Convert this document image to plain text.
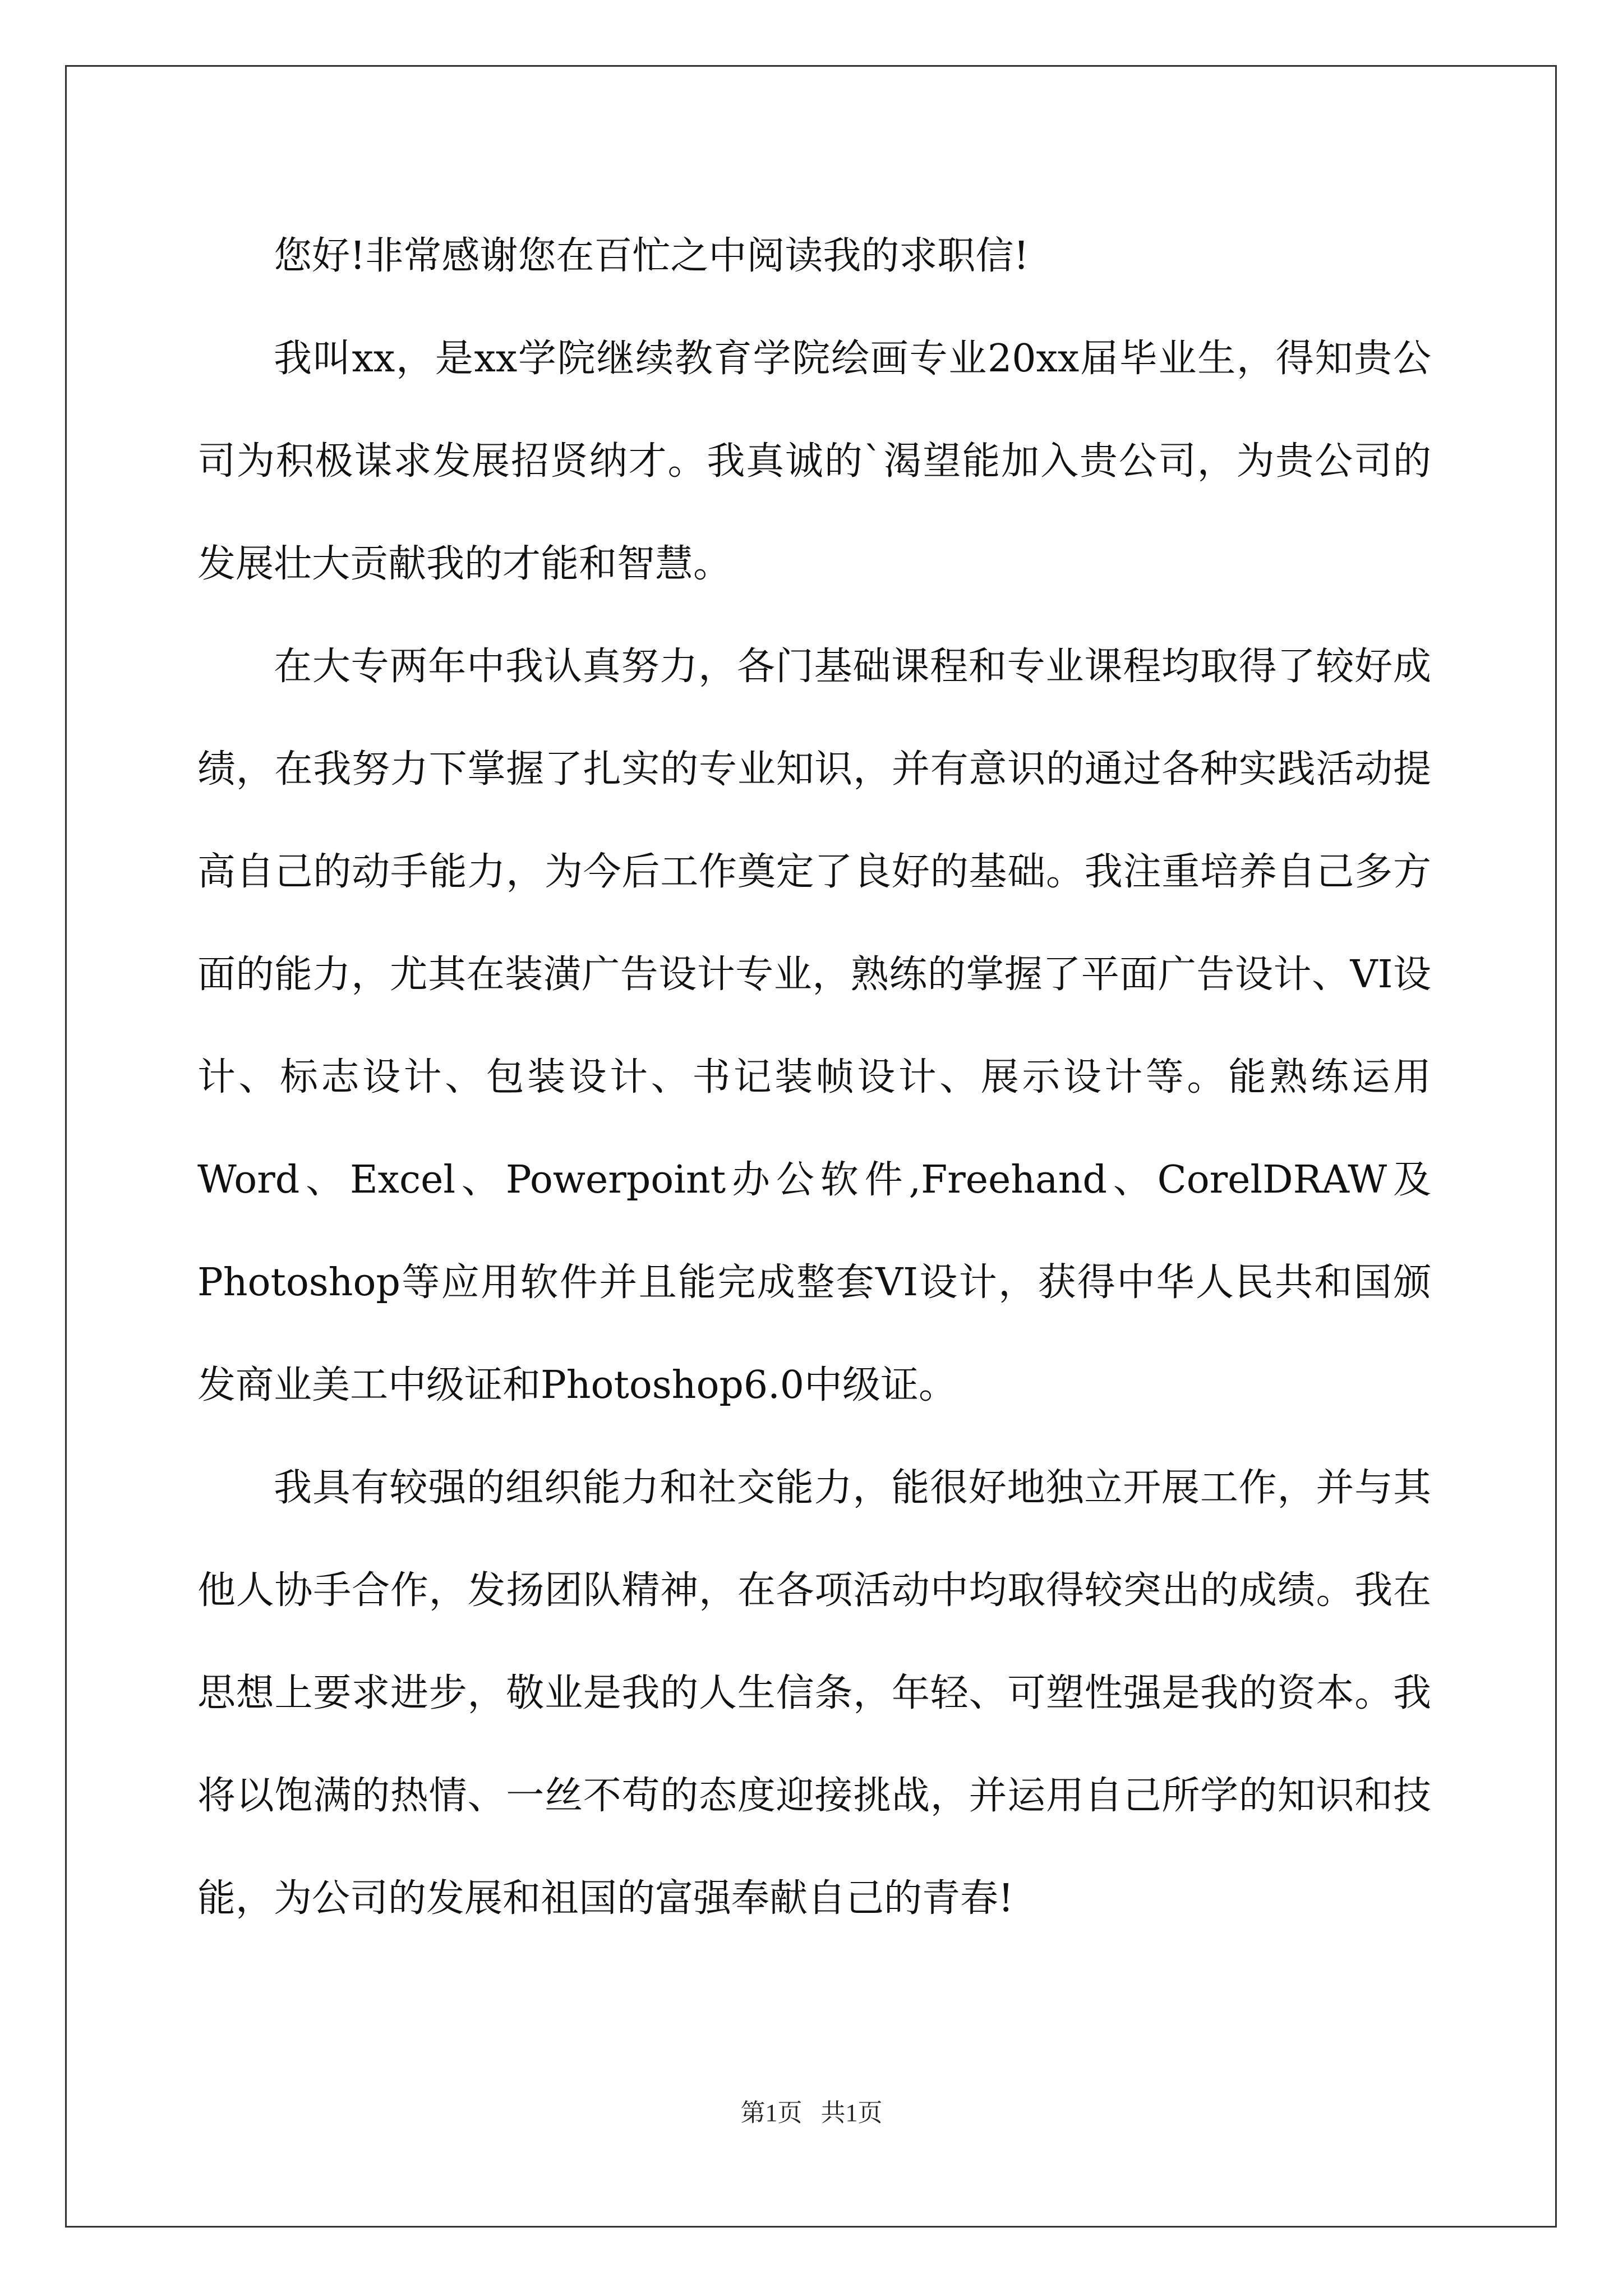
您好!非常感谢您在百忙之中阅读我的求职信!

我叫xx，是xx学院继续教育学院绘画专业20xx届毕业生，得知贵公司为积极谋求发展招贤纳才。我真诚的`渴望能加入贵公司，为贵公司的发展壮大贡献我的才能和智慧。

在大专两年中我认真努力，各门基础课程和专业课程均取得了较好成绩，在我努力下掌握了扎实的专业知识，并有意识的通过各种实践活动提高自己的动手能力，为今后工作奠定了良好的基础。我注重培养自己多方面的能力，尤其在装潢广告设计专业，熟练的掌握了平面广告设计、VI设计、标志设计、包装设计、书记装帧设计、展示设计等。能熟练运用Word、Excel、Powerpoint办公软件,Freehand、CorelDRAW及Photoshop等应用软件并且能完成整套VI设计，获得中华人民共和国颁发商业美工中级证和Photoshop6.0中级证。

我具有较强的组织能力和社交能力，能很好地独立开展工作，并与其他人协手合作，发扬团队精神，在各项活动中均取得较突出的成绩。我在思想上要求进步，敬业是我的人生信条，年轻、可塑性强是我的资本。我将以饱满的热情、一丝不苟的态度迎接挑战，并运用自己所学的知识和技能，为公司的发展和祖国的富强奉献自己的青春!

第1页 共1页
